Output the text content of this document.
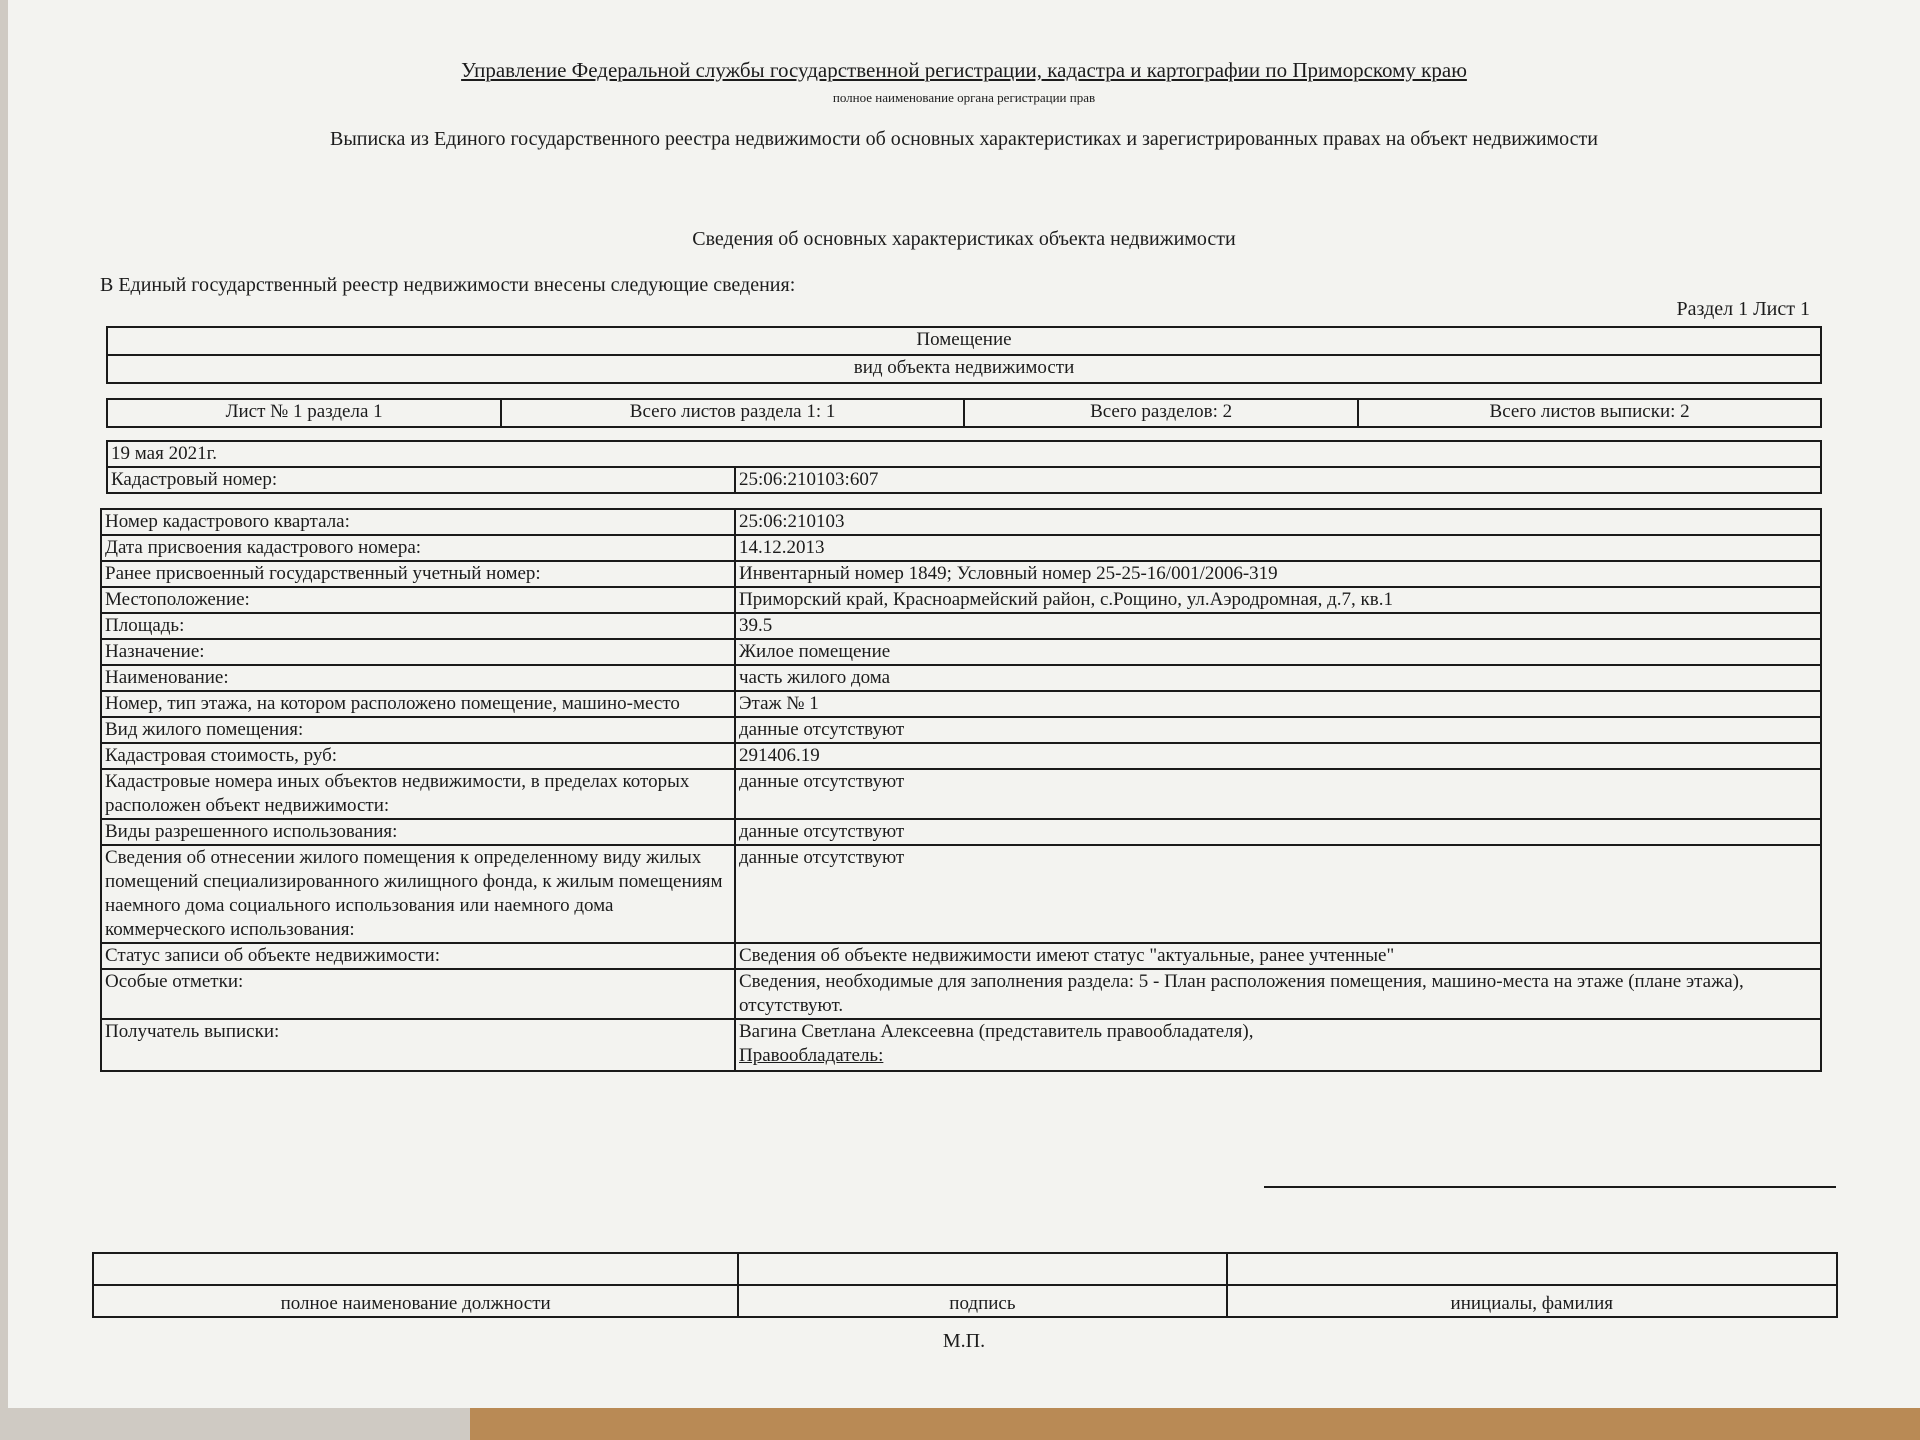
Управление Федеральной службы государственной регистрации, кадастра и картографии по Приморскому краю
полное наименование органа регистрации прав
Выписка из Единого государственного реестра недвижимости об основных характеристиках и зарегистрированных правах на объект недвижимости
Сведения об основных характеристиках объекта недвижимости
В Единый государственный реестр недвижимости внесены следующие сведения:
Раздел 1 Лист 1
Помещение
вид объекта недвижимости
Лист № 1 раздела 1	Всего листов раздела 1: 1	Всего разделов: 2	Всего листов выписки: 2
19 мая 2021г.
Кадастровый номер:	25:06:210103:607
Номер кадастрового квартала:	25:06:210103
Дата присвоения кадастрового номера:	14.12.2013
Ранее присвоенный государственный учетный номер:	Инвентарный номер 1849; Условный номер 25-25-16/001/2006-319
Местоположение:	Приморский край, Красноармейский район, с.Рощино, ул.Аэродромная, д.7, кв.1
Площадь:	39.5
Назначение:	Жилое помещение
Наименование:	часть жилого дома
Номер, тип этажа, на котором расположено помещение, машино-место	Этаж № 1
Вид жилого помещения:	данные отсутствуют
Кадастровая стоимость, руб:	291406.19
Кадастровые номера иных объектов недвижимости, в пределах которых расположен объект недвижимости:	данные отсутствуют
Виды разрешенного использования:	данные отсутствуют
Сведения об отнесении жилого помещения к определенному виду жилых помещений специализированного жилищного фонда, к жилым помещениям наемного дома социального использования или наемного дома коммерческого использования:	данные отсутствуют
Статус записи об объекте недвижимости:	Сведения об объекте недвижимости имеют статус "актуальные, ранее учтенные"
Особые отметки:	Сведения, необходимые для заполнения раздела: 5 - План расположения помещения, машино-места на этаже (плане этажа), отсутствуют.
Получатель выписки:	Вагина Светлана Алексеевна (представитель правообладателя),
Правообладатель:

полное наименование должности	подпись	инициалы, фамилия
М.П.
